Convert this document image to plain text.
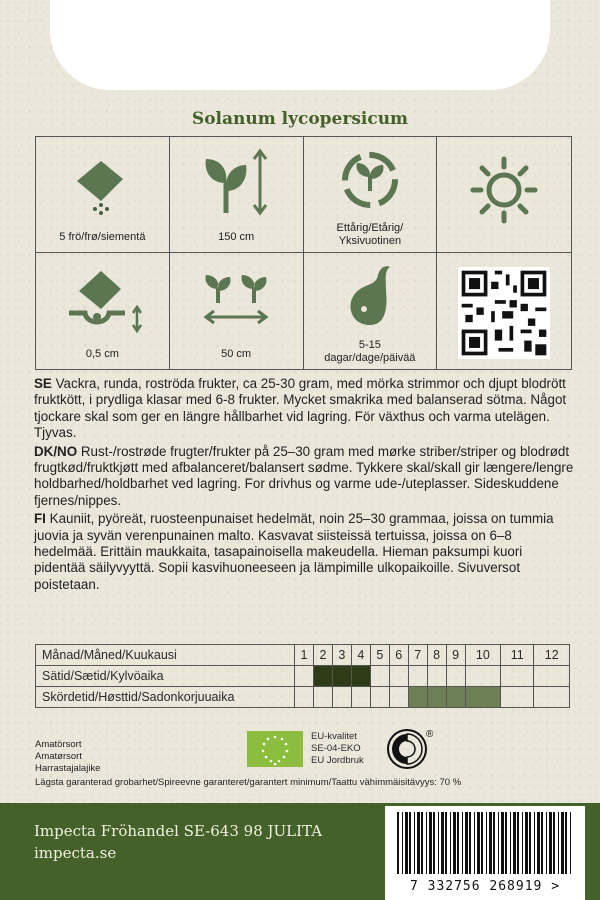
Solanum lycopersicum
5 frö/frø/siementä	150 cm
Ettårig/Etårig/
Yksivuotinen
0,5 cm	50 cm
5-15
dagar/dage/päivää

SE Vackra, runda, roströda frukter, ca 25-30 gram, med mörka strimmor och djupt blodrött fruktkött, i prydliga klasar med 6-8 frukter. Mycket smakrika med balanserad sötma. Något tjockare skal som ger en längre hållbarhet vid lagring. För växthus och varma utelägen. Tjyvas.

DK/NO Rust-/rostrøde frugter/frukter på 25–30 gram med mørke striber/striper og blodrødt frugtkød/fruktkjøtt med afbalanceret/balansert sødme. Tykkere skal/skall gir længere/lengre holdbarhed/holdbarhet ved lagring. For drivhus og varme ude-/uteplasser. Sideskuddene fjernes/nippes.

FI Kauniit, pyöreät, ruosteenpunaiset hedelmät, noin 25–30 grammaa, joissa on tummia juovia ja syvän verenpunainen malto. Kasvavat siisteissä tertuissa, joissa on 6–8 hedelmää. Erittäin maukkaita, tasapainoisella makeudella. Hieman paksumpi kuori pidentää säilyvyyttä. Sopii kasvihuoneeseen ja lämpimille ulkopaikoille. Sivuversot poistetaan.

Månad/Måned/Kuukausi	1	2	3	4	5	6	7	8	9	10	11	12
Sätid/Sætid/Kylvöaika												
Skördetid/Høsttid/Sadonkorjuuaika												
Amatörsort
Amatørsort
Harrastajalajike
EU-kvalitet
SE-04-EKO
EU Jordbruk
®
Lägsta garanterad grobarhet/Spireevne garanteret/garantert minimum/Taattu vähimmäisitävyys: 70 %
Impecta Fröhandel SE-643 98 JULITA
impecta.se
7 332756 268919 >
